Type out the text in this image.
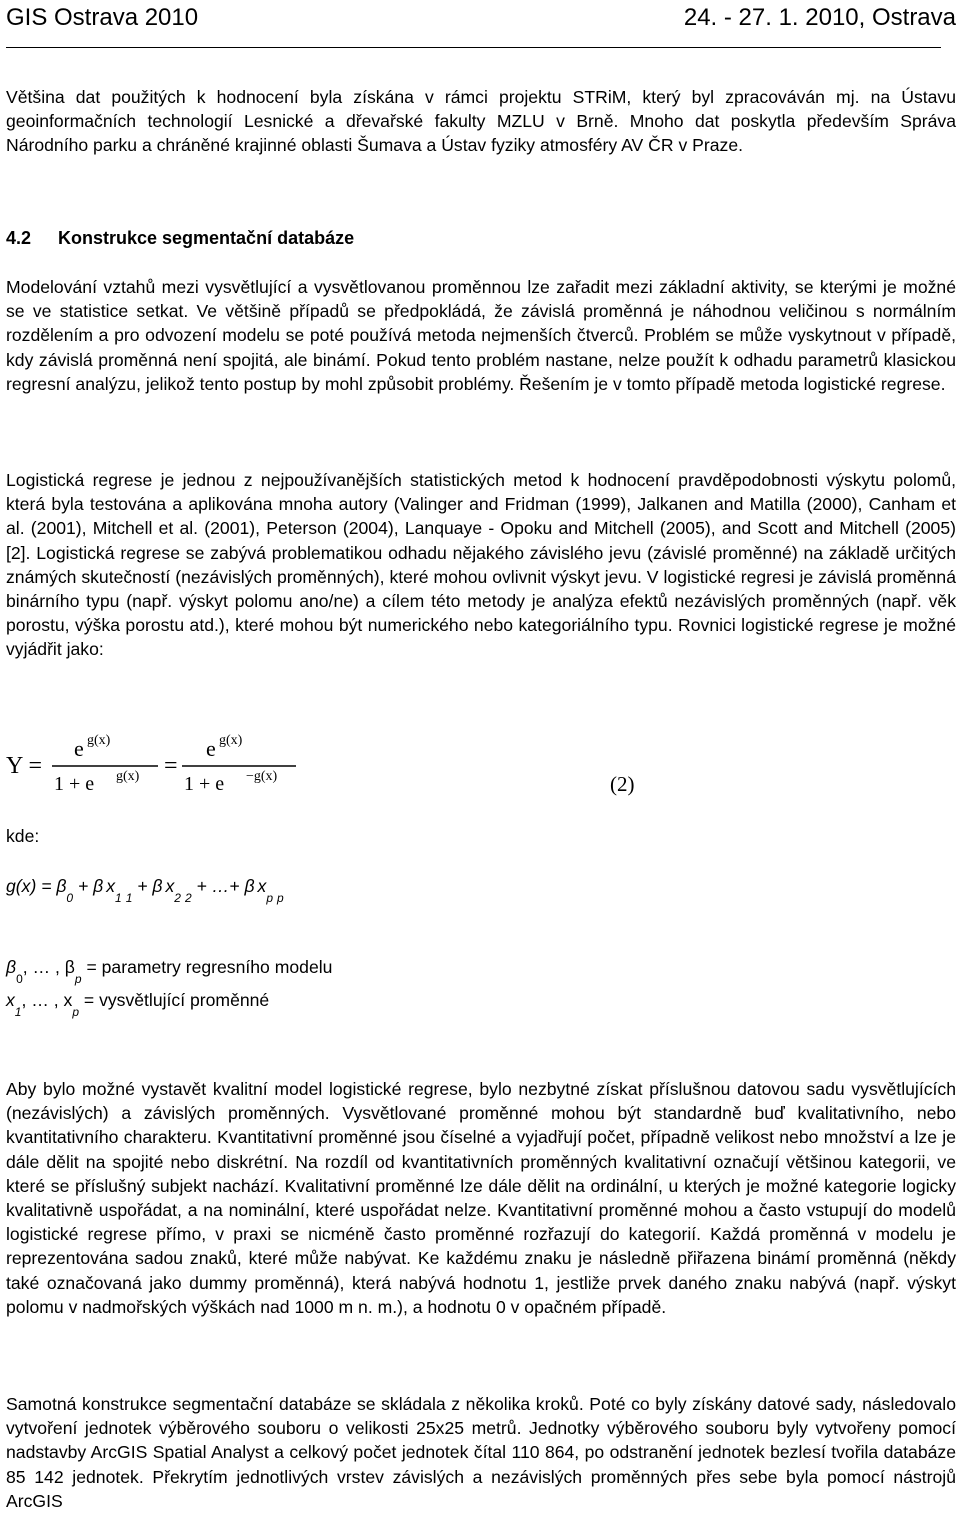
GIS Ostrava 2010	24. - 27. 1. 2010, Ostrava

Většina dat použitých k hodnocení byla získána v rámci projektu STRiM, který byl zpracováván mj. na Ústavu geoinformačních technologií Lesnické a dřevařské fakulty MZLU v Brně. Mnoho dat poskytla především Správa Národního parku a chráněné krajinné oblasti Šumava a Ústav fyziky atmosféry AV ČR v Praze.

4.2 Konstrukce segmentační databáze

Modelování vztahů mezi vysvětlující a vysvětlovanou proměnnou lze zařadit mezi základní aktivity, se kterými je možné se ve statistice setkat. Ve většině případů se předpokládá, že závislá proměnná je náhodnou veličinou s normálním rozdělením a pro odvození modelu se poté používá metoda nejmenších čtverců. Problém se může vyskytnout v případě, kdy závislá proměnná není spojitá, ale binámí. Pokud tento problém nastane, nelze použít k odhadu parametrů klasickou regresní analýzu, jelikož tento postup by mohl způsobit problémy. Řešením je v tomto případě metoda logistické regrese.

Logistická regrese je jednou z nejpoužívanějších statistických metod k hodnocení pravděpodobnosti výskytu polomů, která byla testována a aplikována mnoha autory (Valinger and Fridman (1999), Jalkanen and Matilla (2000), Canham et al. (2001), Mitchell et al. (2001), Peterson (2004), Lanquaye - Opoku and Mitchell (2005), and Scott and Mitchell (2005) [2]. Logistická regrese se zabývá problematikou odhadu nějakého závislého jevu (závislé proměnné) na základě určitých známých skutečností (nezávislých proměnných), které mohou ovlivnit výskyt jevu. V logistické regresi je závislá proměnná binárního typu (např. výskyt polomu ano/ne) a cílem této metody je analýza efektů nezávislých proměnných (např. věk porostu, výška porostu atd.), které mohou být numerického nebo kategoriálního typu. Rovnici logistické regrese je možné vyjádřit jako:

Y =
e g(x)
1 + e g(x) =
e g(x)
1 + e −g(x)	(2)
kde:
$g(x) = \beta_0 + \beta$ $x_1$ $_1$ + β $x_2$ $_2$ + …+ β $x_p$ $_p$
$\beta_0$, … , $\beta_p$ = parametry regresního modelu
$x_1$, … , $x_p$ = vysvětlující proměnné

Aby bylo možné vystavět kvalitní model logistické regrese, bylo nezbytné získat příslušnou datovou sadu vysvětlujících (nezávislých) a závislých proměnných. Vysvětlované proměnné mohou být standardně buď kvalitativního, nebo kvantitativního charakteru. Kvantitativní proměnné jsou číselné a vyjadřují počet, případně velikost nebo množství a lze je dále dělit na spojité nebo diskrétní. Na rozdíl od kvantitativních proměnných kvalitativní označují většinou kategorii, ve které se příslušný subjekt nachází. Kvalitativní proměnné lze dále dělit na ordinální, u kterých je možné kategorie logicky kvalitativně uspořádat, a na nominální, které uspořádat nelze. Kvantitativní proměnné mohou a často vstupují do modelů logistické regrese přímo, v praxi se nicméně často proměnné rozřazují do kategorií. Každá proměnná v modelu je reprezentována sadou znaků, které může nabývat. Ke každému znaku je následně přiřazena binámí proměnná (někdy také označovaná jako dummy proměnná), která nabývá hodnotu 1, jestliže prvek daného znaku nabývá (např. výskyt polomu v nadmořských výškách nad 1000 m n. m.), a hodnotu 0 v opačném případě.

Samotná konstrukce segmentační databáze se skládala z několika kroků. Poté co byly získány datové sady, následovalo vytvoření jednotek výběrového souboru o velikosti 25x25 metrů. Jednotky výběrového souboru byly vytvořeny pomocí nadstavby ArcGIS Spatial Analyst a celkový počet jednotek čítal 110 864, po odstranění jednotek bezlesí tvořila databáze 85 142 jednotek. Překrytím jednotlivých vrstev závislých a nezávislých proměnných přes sebe byla pomocí nástrojů ArcGIS
